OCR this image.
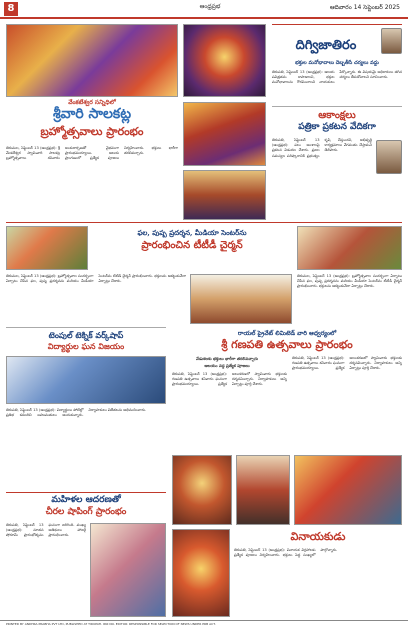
8	ఆంధ్రప్రభ	ఆదివారం 14 సెప్టెంబర్ 2025
వేంకటేశ్వర సన్నిధిలో
శ్రీవారి సాలకట్ల
బ్రహ్మోత్సవాలు ప్రారంభం
తిరుమల, సెప్టెంబర్ 13 (ఆంధ్రప్రభ): శ్రీ వేంకటేశ్వర స్వామివారి సాలకట్ల బ్రహ్మోత్సవాలు శనివారం అంకురార్పణతో వైభవంగా ప్రారంభమయ్యాయి. ఆలయ ప్రాంగణంలో ప్రత్యేక పూజలు నిర్వహించారు. భక్తులు భారీగా తరలివచ్చారు.
దిగ్విజాతిరం
భక్తుల మనోభావాలు దెబ్బతీసే చర్యలు వద్దు
తిరుపతి, సెప్టెంబర్ 13 (ఆంధ్రప్రభ): ఆలయ పవిత్రతను కాపాడాలని, భక్తుల మనోభావాలను గౌరవించాలని నాయకులు పేర్కొన్నారు. ఈ విషయమై అధికారులు తగిన చర్యలు తీసుకోవాలని సూచించారు.
ఆకాంక్షలు
పత్రికా ప్రకటన వేదికగా
తిరుపతి, సెప్టెంబర్ 13 (ఆంధ్రప్రభ): పలు అంశాలపై ప్రకటన విడుదల చేశారు. ప్రజల సమస్యల పరిష్కారానికి ప్రభుత్వం కృషి చేస్తుందని, అభివృద్ధి కార్యక్రమాలు వేగవంతం చేస్తామని తెలిపారు.
ఫల, పుష్ప ప్రదర్శన, మీడియా సెంటర్‌ను
ప్రారంభించిన టీటీడీ చైర్మన్
తిరుమల, సెప్టెంబర్ 13 (ఆంధ్రప్రభ): బ్రహ్మోత్సవాల సందర్భంగా ఏర్పాటు చేసిన ఫల, పుష్ప ప్రదర్శనను మరియు మీడియా సెంటర్‌ను టీటీడీ చైర్మన్ ప్రారంభించారు. భక్తులను ఆకట్టుకునేలా ఏర్పాట్లు చేశారు.
తిరుమల, సెప్టెంబర్ 13 (ఆంధ్రప్రభ): బ్రహ్మోత్సవాల సందర్భంగా ఏర్పాటు చేసిన ఫల, పుష్ప ప్రదర్శనను మరియు మీడియా సెంటర్‌ను టీటీడీ చైర్మన్ ప్రారంభించారు. భక్తులను ఆకట్టుకునేలా ఏర్పాట్లు చేశారు.
టెంపుల్ టెక్నిక్ వర్క్‌షాప్
విద్యార్థుల ఘన విజయం
తిరుపతి, సెప్టెంబర్ 13 (ఆంధ్రప్రభ): విద్యార్థులు పోటీల్లో ప్రతిభ కనబరిచి బహుమతులు అందుకున్నారు. నిర్వాహకులు విజేతలను అభినందించారు.
రాయల్ ప్రైవేట్ లిమిటెడ్ వారి ఆధ్వర్యంలో
శ్రీ గణపతి ఉత్సవాలు ప్రారంభం
వేడుకలకు భక్తులు భారీగా తరలివచ్చారు
ఆలయం వద్ద ప్రత్యేక పూజలు
తిరుపతి, సెప్టెంబర్ 13 (ఆంధ్రప్రభ): గణపతి ఉత్సవాలు శనివారం ఘనంగా ప్రారంభమయ్యాయి. ప్రత్యేక అలంకరణలో స్వామివారు భక్తులకు దర్శనమిచ్చారు. నిర్వాహకులు అన్ని ఏర్పాట్లు పూర్తి చేశారు.
తిరుపతి, సెప్టెంబర్ 13 (ఆంధ్రప్రభ): గణపతి ఉత్సవాలు శనివారం ఘనంగా ప్రారంభమయ్యాయి. ప్రత్యేక అలంకరణలో స్వామివారు భక్తులకు దర్శనమిచ్చారు. నిర్వాహకులు అన్ని ఏర్పాట్లు పూర్తి చేశారు.
మహిళల ఆదరణతో
చీరల షాపింగ్ ప్రారంభం
తిరుపతి, సెప్టెంబర్ 13 (ఆంధ్రప్రభ): నూతన షోరూమ్ ప్రారంభోత్సవం ఘనంగా జరిగింది. ముఖ్య అతిథులు హాజరై ప్రారంభించారు.	వినాయకుడు
తిరుపతి, సెప్టెంబర్ 13 (ఆంధ్రప్రభ): వినాయక విగ్రహాలకు ప్రత్యేక పూజలు నిర్వహించారు. భక్తులు పెద్ద సంఖ్యలో పాల్గొన్నారు.
PRINTED BY ANDHRA PRABHA PVT LTD, PUBLISHED AT TIRUPATI. RNI NO. EDITOR: RESPONSIBLE FOR SELECTION OF NEWS UNDER PRB ACT.
